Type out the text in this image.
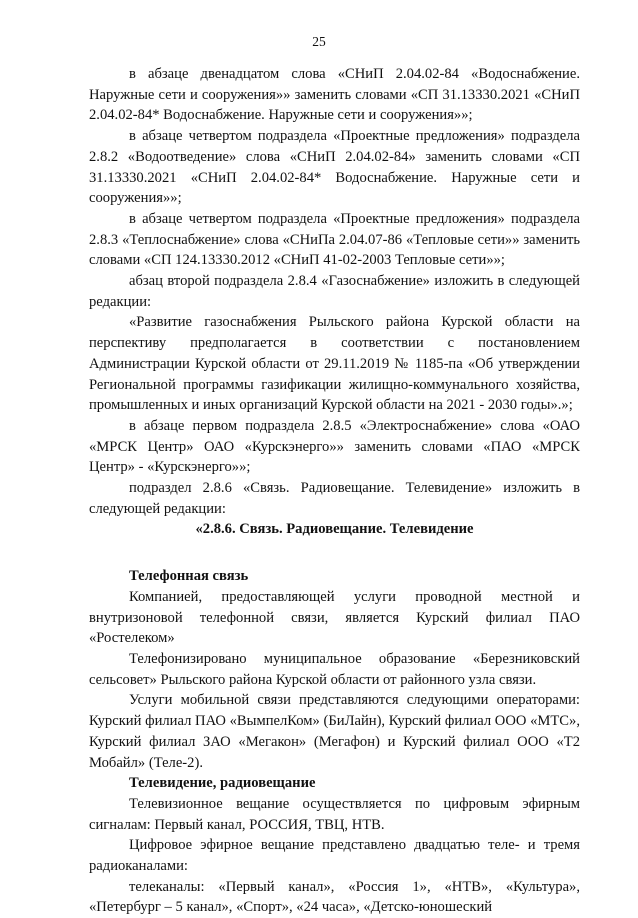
25

в абзаце двенадцатом слова «СНиП 2.04.02-84 «Водоснабжение. Наружные сети и сооружения»» заменить словами «СП 31.13330.2021 «СНиП 2.04.02-84* Водоснабжение. Наружные сети и сооружения»»;

в абзаце четвертом подраздела «Проектные предложения» подраздела 2.8.2 «Водоотведение» слова «СНиП 2.04.02-84» заменить словами «СП 31.13330.2021 «СНиП 2.04.02-84* Водоснабжение. Наружные сети и сооружения»»;

в абзаце четвертом подраздела «Проектные предложения» подраздела 2.8.3 «Теплоснабжение» слова «СНиПа 2.04.07-86 «Тепловые сети»» заменить словами «СП 124.13330.2012 «СНиП 41-02-2003 Тепловые сети»»;

абзац второй подраздела 2.8.4 «Газоснабжение» изложить в следующей редакции:

«Развитие газоснабжения Рыльского района Курской области на перспективу предполагается в соответствии с постановлением Администрации Курской области от 29.11.2019 № 1185-па «Об утверждении Региональной программы газификации жилищно-коммунального хозяйства, промышленных и иных организаций Курской области на 2021 - 2030 годы».»;

в абзаце первом подраздела 2.8.5 «Электроснабжение» слова «ОАО «МРСК Центр» ОАО «Курскэнерго»» заменить словами «ПАО «МРСК Центр» - «Курскэнерго»»;

подраздел 2.8.6 «Связь. Радиовещание. Телевидение» изложить в следующей редакции:

«2.8.6. Связь. Радиовещание. Телевидение

Телефонная связь

Компанией, предоставляющей услуги проводной местной и внутризоновой телефонной связи, является Курский филиал ПАО «Ростелеком»

Телефонизировано муниципальное образование «Березниковский сельсовет» Рыльского района Курской области от районного узла связи.

Услуги мобильной связи представляются следующими операторами: Курский филиал ПАО «ВымпелКом» (БиЛайн), Курский филиал ООО «МТС», Курский филиал ЗАО «Мегакон» (Мегафон) и Курский филиал ООО «Т2 Мобайл» (Теле-2).

Телевидение, радиовещание

Телевизионное вещание осуществляется по цифровым эфирным сигналам: Первый канал, РОССИЯ, ТВЦ, НТВ.

Цифровое эфирное вещание представлено двадцатью теле- и тремя радиоканалами:

телеканалы: «Первый канал», «Россия 1», «НТВ», «Культура», «Петербург – 5 канал», «Спорт», «24 часа», «Детско-юношеский
